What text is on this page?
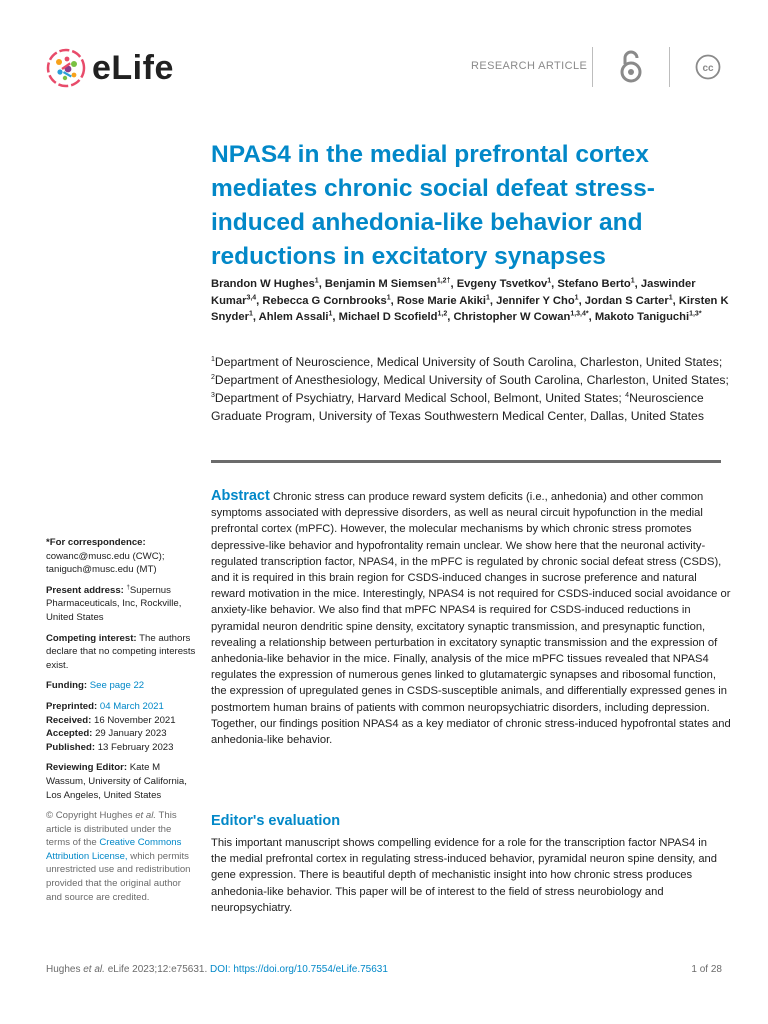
eLife	RESEARCH ARTICLE	cc
NPAS4 in the medial prefrontal cortex mediates chronic social defeat stress-induced anhedonia-like behavior and reductions in excitatory synapses
Brandon W Hughes$^1$, Benjamin M Siemsen$^{1,2\dagger}$, Evgeny Tsvetkov$^1$, Stefano Berto$^1$, Jaswinder Kumar$^{3,4}$, Rebecca G Cornbrooks$^1$, Rose Marie Akiki$^1$, Jennifer Y Cho$^1$, Jordan S Carter$^1$, Kirsten K Snyder$^1$, Ahlem Assali$^1$, Michael D Scofield$^{1,2}$, Christopher W Cowan$^{1,3,4*}$, Makoto Taniguchi$^{1,3*}$
$^1$Department of Neuroscience, Medical University of South Carolina, Charleston, United States; $^2$Department of Anesthesiology, Medical University of South Carolina, Charleston, United States; $^3$Department of Psychiatry, Harvard Medical School, Belmont, United States; $^4$Neuroscience Graduate Program, University of Texas Southwestern Medical Center, Dallas, United States
Abstract Chronic stress can produce reward system deficits (i.e., anhedonia) and other common symptoms associated with depressive disorders, as well as neural circuit hypofunction in the medial prefrontal cortex (mPFC). However, the molecular mechanisms by which chronic stress promotes depressive-like behavior and hypofrontality remain unclear. We show here that the neuronal activity-regulated transcription factor, NPAS4, in the mPFC is regulated by chronic social defeat stress (CSDS), and it is required in this brain region for CSDS-induced changes in sucrose preference and natural reward motivation in the mice. Interestingly, NPAS4 is not required for CSDS-induced social avoidance or anxiety-like behavior. We also find that mPFC NPAS4 is required for CSDS-induced reductions in pyramidal neuron dendritic spine density, excitatory synaptic transmission, and presynaptic function, revealing a relationship between perturbation in excitatory synaptic transmission and the expression of anhedonia-like behavior in the mice. Finally, analysis of the mice mPFC tissues revealed that NPAS4 regulates the expression of numerous genes linked to glutamatergic synapses and ribosomal function, the expression of upregulated genes in CSDS-susceptible animals, and differentially expressed genes in postmortem human brains of patients with common neuropsychiatric disorders, including depression. Together, our findings position NPAS4 as a key mediator of chronic stress-induced hypofrontal states and anhedonia-like behavior.
Editor's evaluation
This important manuscript shows compelling evidence for a role for the transcription factor NPAS4 in the medial prefrontal cortex in regulating stress-induced behavior, pyramidal neuron spine density, and gene expression. There is beautiful depth of mechanistic insight into how chronic stress produces anhedonia-like behavior. This paper will be of interest to the field of stress neurobiology and neuropsychiatry.

*For correspondence:
cowanc@musc.edu (CWC);
taniguch@musc.edu (MT)

Present address: †Supernus Pharmaceuticals, Inc, Rockville, United States

Competing interest: The authors declare that no competing interests exist.

Funding: See page 22

Preprinted: 04 March 2021
Received: 16 November 2021
Accepted: 29 January 2023
Published: 13 February 2023

Reviewing Editor: Kate M Wassum, University of California, Los Angeles, United States

© Copyright Hughes et al. This article is distributed under the terms of the Creative Commons Attribution License, which permits unrestricted use and redistribution provided that the original author and source are credited.

Hughes et al. eLife 2023;12:e75631. DOI: https://doi.org/10.7554/eLife.75631	1 of 28
